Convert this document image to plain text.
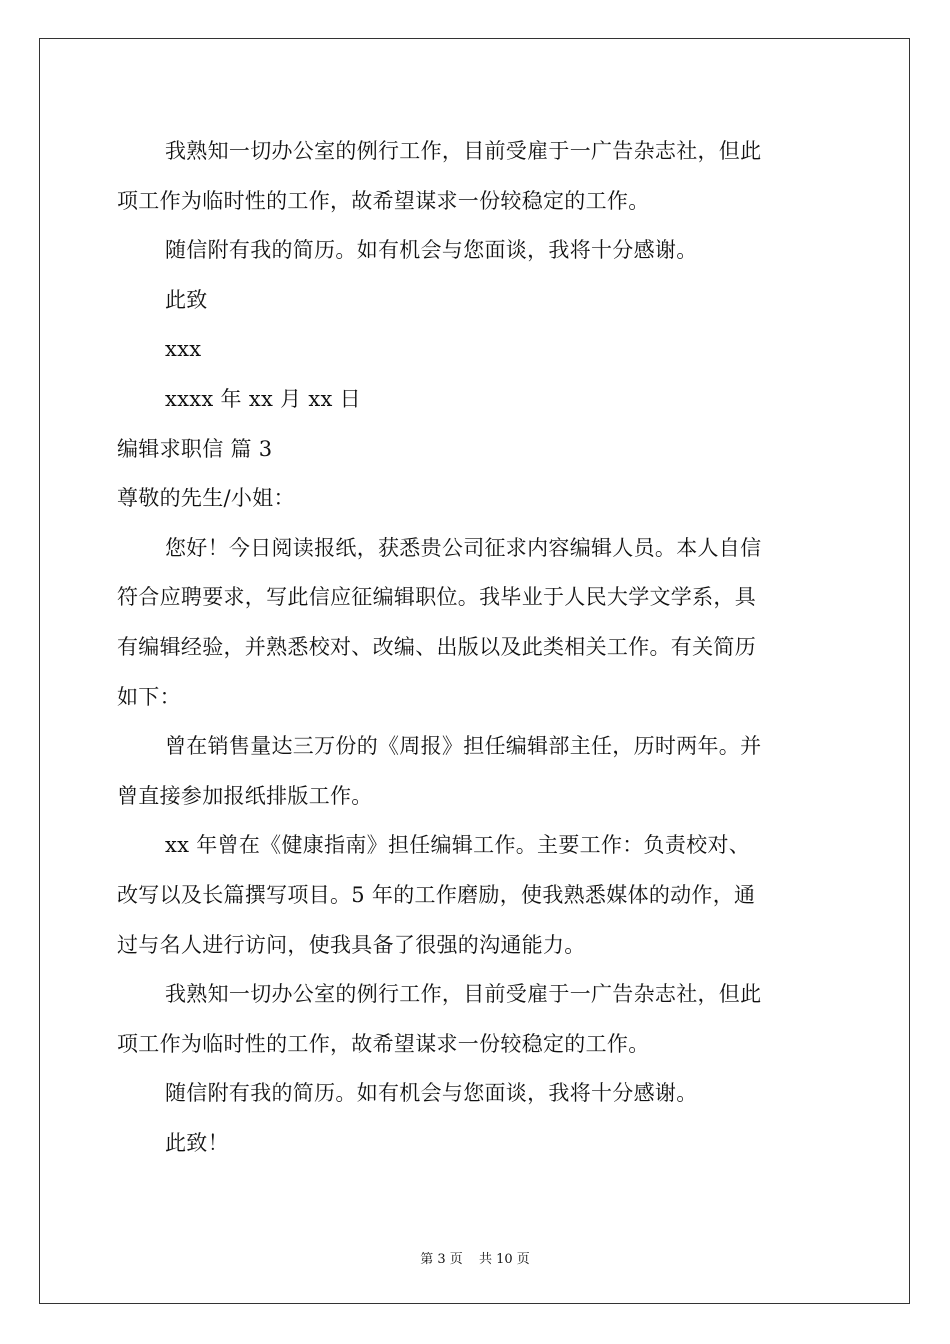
我熟知一切办公室的例行工作，目前受雇于一广告杂志社，但此
项工作为临时性的工作，故希望谋求一份较稳定的工作。
随信附有我的简历。如有机会与您面谈，我将十分感谢。
此致
xxx
xxxx 年 xx 月 xx 日
编辑求职信 篇 3
尊敬的先生/小姐：
您好！今日阅读报纸，获悉贵公司征求内容编辑人员。本人自信
符合应聘要求，写此信应征编辑职位。我毕业于人民大学文学系，具
有编辑经验，并熟悉校对、改编、出版以及此类相关工作。有关简历
如下：
曾在销售量达三万份的《周报》担任编辑部主任，历时两年。并
曾直接参加报纸排版工作。
xx 年曾在《健康指南》担任编辑工作。主要工作：负责校对、
改写以及长篇撰写项目。5 年的工作磨励，使我熟悉媒体的动作，通
过与名人进行访问，使我具备了很强的沟通能力。
我熟知一切办公室的例行工作，目前受雇于一广告杂志社，但此
项工作为临时性的工作，故希望谋求一份较稳定的工作。
随信附有我的简历。如有机会与您面谈，我将十分感谢。
此致！
第 3 页 共 10 页
